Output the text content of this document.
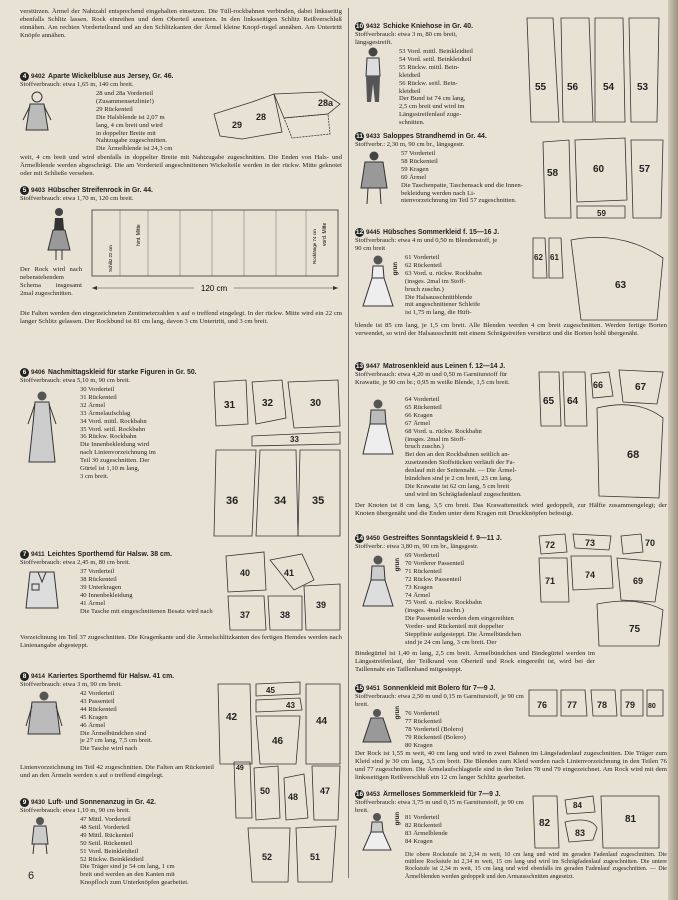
verstürzen. Ärmel der Nahtzahl entsprechend eingehalten einsetzen. Die Tüll-rockbahnen verbinden, dabei linksseitig ebenfalls Schlitz lassen. Rock einreihen und dem Oberteil ansetzen. In den linksseitigen Schlitz Reißverschluß einnähen. Am rechten Vorderteilrand und an den Schlitzkanten der Ärmel kleine Knopf-riegel annähen. Am Untertritt Knöpfe annähen.

4 9402 Aparte Wickelbluse aus Jersey, Gr. 46.
Stoffverbrauch: etwa 1,65 m, 140 cm breit.
28 und 28a Vorderteil
(Zusammensetzlinie!)
29 Rückenteil
Die Halsblende ist 2,07 m
lang, 4 cm breit und wird
in doppelter Breite mit
Nahtzugabe zugeschnitten.
Die Ärmelblende ist 24,3 cm
28
28a
29

weit, 4 cm breit und wird ebenfalls in doppelter Breite mit Nahtzugabe zugeschnitten. Die Enden von Hals- und Ärmelblende werden abgeschrägt. Die am Vorderteil angeschnittenen Wickelteile werden in der rückw. Mitte geknotet oder mit Schließe versehen.

5 9403 Hübscher Streifenrock in Gr. 44.
Stoffverbrauch: etwa 1,70 m, 120 cm breit.
Der Rock wird nach nebenstehendem Schema insgesamt 2mal zugeschnitten.
hint. Mitte	vord. Mitte
Rocklänge 74 cm
Schlitz 22 cm
120 cm

Die Falten werden den eingezeichneten Zentimeterzahlen x auf o treffend eingelegt. In der rückw. Mitte wird ein 22 cm langer Schlitz gelassen. Der Rockbund ist 81 cm lang, davon 3 cm Untertritt, und 3 cm breit.

6 9406 Nachmittagskleid für starke Figuren in Gr. 50.
Stoffverbrauch: etwa 5,10 m, 90 cm breit.
30 Vorderteil
31 Rückenteil
32 Ärmel
33 Ärmelaufschlag
34 Vord. mittl. Rockbahn
35 Vord. seitl. Rockbahn
36 Rückw. Rockbahn
Die Innenbekleidung wird
nach Linienvorzeichnung im
Teil 30 zugeschnitten. Der
Gürtel ist 1,10 m lang,
3 cm breit.
31	32	30
33
34 35
36
7 9411 Leichtes Sporthemd für Halsw. 38 cm.
Stoffverbrauch: etwa 2,45 m, 80 cm breit.
37 Vorderteil
38 Rückenteil
39 Unterkragen
40 Innenbekleidung
41 Ärmel
Die Tasche mit eingeschnittenen Besatz wird nach
40	41
39
38
37

Vorzeichnung im Teil 37 zugeschnitten. Die Kragenkante und die Ärmelschlitzkanten des fertigen Hemdes werden nach Linienangabe abgesteppt.

8 9414 Kariertes Sporthemd für Halsw. 41 cm.
Stoffverbrauch: etwa 3 m, 90 cm breit.
42 Vorderteil
43 Passenteil
44 Rückenteil
45 Kragen
46 Ärmel
Die Ärmelbündchen sind
je 27 cm lang, 7,5 cm breit.
Die Tasche wird nach
42
45
43
46
44

Linienvorzeichnung im Teil 42 zugeschnitten. Die Falten am Rückenteil und an den Ärmeln werden x auf o treffend eingelegt.

9 9430 Luft- und Sonnenanzug in Gr. 42.
Stoffverbrauch: etwa 1,10 m, 90 cm breit.
47 Mittl. Vorderteil
48 Seitl. Vorderteil
49 Mittl. Rückenteil
50 Seitl. Rückenteil
51 Vord. Beinkleidteil
52 Rückw. Beinkleidteil
Die Träger sind je 54 cm lang, 1 cm
breit und werden an den Kanten mit
Knopfloch zum Unterknöpfen gearbeitet.
49
50
48
47
52	51
10 9432 Schicke Kniehose in Gr. 40.
Stoffverbrauch: etwa 3 m, 80 cm breit, längsgestreift.
53 Vord. mittl. Beinkleidteil
54 Vord. seitl. Beinkleidteil
55 Rückw. mittl. Bein-
kleidteil
56 Rückw. seitl. Bein-
kleidteil
Der Bund ist 74 cm lang,
2,5 cm breit und wird im
Längsstreifenlauf zuge-
schnitten.
55 56 54 53
11 9433 Saloppes Strandhemd in Gr. 44.
Stoffverbr.: 2,30 m, 90 cm br., längsgestr.
57 Vorderteil
58 Rückenteil
59 Kragen
60 Ärmel
Die Taschenpatte, Taschensack und die Innen-
bekleidung werden nach Li-
nienvorzeichnung im Teil 57 zugeschnitten.
58	60
59
57
12 9445 Hübsches Sommerkleid f. 15—16 J.
Stoffverbrauch: etwa 4 m und 0,50 m Blendenstoff, je 90 cm breit
grün
61 Vorderteil
62 Rückenteil
63 Vord. u. rückw. Rockbahn
(insges. 2mal im Stoff-
bruch zuschn.)
Die Halsausschnittblende
mit angeschnittener Schleife
ist 1,75 m lang, die Hüft-
62 61
63

blende ist 85 cm lang, je 1,5 cm breit. Alle Blenden werden 4 cm breit zugeschnitten. Werden fertige Borten verwendet, so wird der Halsausschnitt mit einem Schrägstreifen verstürzt und die Borten hohl übergenäht.

13 9447 Matrosenkleid aus Leinen f. 12—14 J.
Stoffverbrauch: etwa 4,20 m und 0,50 m Garniturstoff für Krawatte, je 90 cm br.; 0,95 m weiße Blende, 1,5 cm breit.
64 Vorderteil
65 Rückenteil
66 Kragen
67 Ärmel
68 Vord. u. rückw. Rockbahn
(insges. 2mal im Stoff-
bruch zuschn.)
Bei den an den Rockbahnen seitlich an-
zusetzenden Stoffstücken verläuft der Fa-
denlauf mit der Seitennaht. — Die Ärmel-
bündchen sind je 2 cm breit, 23 cm lang.
Die Krawatte ist 62 cm lang, 5 cm breit
und wird im Schrägfadenlauf zugeschnitten.
65 64
66	67
68

Der Knoten ist 8 cm lang, 3,5 cm breit. Das Krawattenstück wird gedoppelt, zur Hälfte zusammengelegt; der Knoten übergenäht und die Enden unter dem Kragen mit Druckknöpfen befestigt.

14 9450 Gestreiftes Sonntagskleid f. 9—11 J.
Stoffverbr.: etwa 3,80 m, 90 cm br., längsgestr.
grün
69 Vorderteil
70 Vorderer Passenteil
71 Rückenteil
72 Rückw. Passenteil
73 Kragen
74 Ärmel
75 Vord. u. rückw. Rockbahn
(insges. 4mal zuschn.)
Die Passenteile werden dem eingereihten
Vorder- und Rückenteil mit doppelter
Steppfinie aufgesteppt. Die Ärmelbündchen
sind je 24 cm lang, 3 cm breit. Der
72	73	70
71
74
69
75

Bindegürtel ist 1,40 m lang, 2,5 cm breit. Ärmelbündchen und Bindegürtel werden im Längsstreifenlauf, der Teilkrand von Oberteil und Rock eingereiht ist, wird bei der Taillennaht ein Taillenband mitgesteppt.

15 9451 Sonnenkleid mit Bolero für 7—9 J.
Stoffverbrauch: etwa 2,50 m und 0,15 m Garniturstoff, je 90 cm breit.
grün 76 Vorderteil
77 Rückenteil
78 Vorderteil (Bolero)
79 Rückenteil (Bolero)
80 Kragen
76 77 78 79 80

Der Rock ist 1,55 m weit, 40 cm lang und wird in zwei Bahnen im Längsfadenlauf zugeschnitten. Die Träger zum Kleid sind je 30 cm lang, 3,5 cm breit. Die Blenden zum Kleid werden nach Linienvorzeichnung in den Teilen 76 und 77 zugeschnitten. Die Ärmelaufschlagteile sind in den Teilen 78 und 79 eingezeichnet. Am Rock wird mit dem linksseitigen Reißverschluß ein 12 cm langer Schlitz gearbeitet.

16 9453 Ärmelloses Sommerkleid für 7—9 J.
Stoffverbrauch: etwa 3,75 m und 0,15 m Garniturstoff, je 90 cm breit.
grün 81 Vorderteil
82 Rückenteil
83 Ärmelblende
84 Kragen
82
84
81
83

Die obere Rockstufe ist 2,34 m weit, 10 cm lang und wird im geraden Fadenlauf zugeschnitten. Die mittlere Rockstufe ist 2,34 m weit, 15 cm lang und wird im Schrägfadenlauf zugeschnitten. Die untere Rockstufe ist 2,34 m weit, 15 cm lang und wird ebenfalls im geraden Fadenlauf zugeschnitten. — Die Ärmelblenden werden gedoppelt und den Armausschnitten angesetzt.

6
